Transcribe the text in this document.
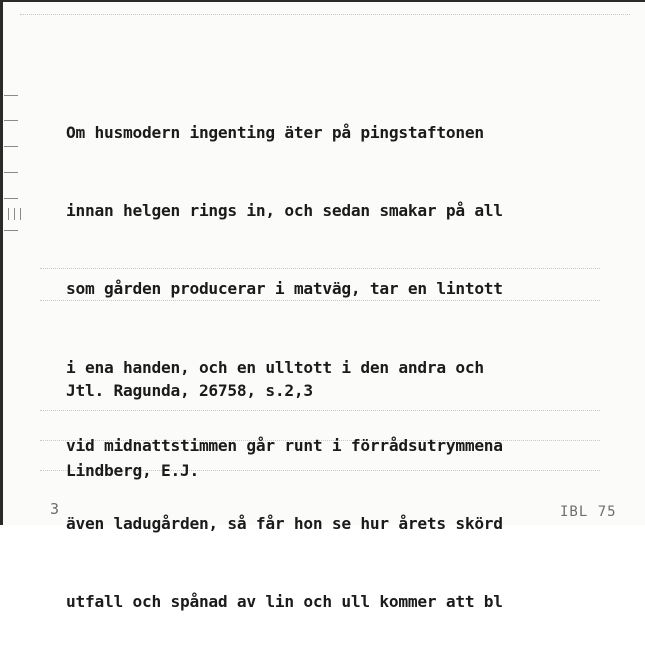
Om husmodern ingenting äter på pingstaftonen

innan helgen rings in, och sedan smakar på all

som gården producerar i matväg, tar en lintott

i ena handen, och en ulltott i den andra och

vid midnattstimmen går runt i förrådsutrymmena

även ladugården, så får hon se hur årets skörd

utfall och spånad av lin och ull kommer att bl

Jtl. Ragunda, 26758, s.2,3

Lindberg, E.J.

3	IBL 75
